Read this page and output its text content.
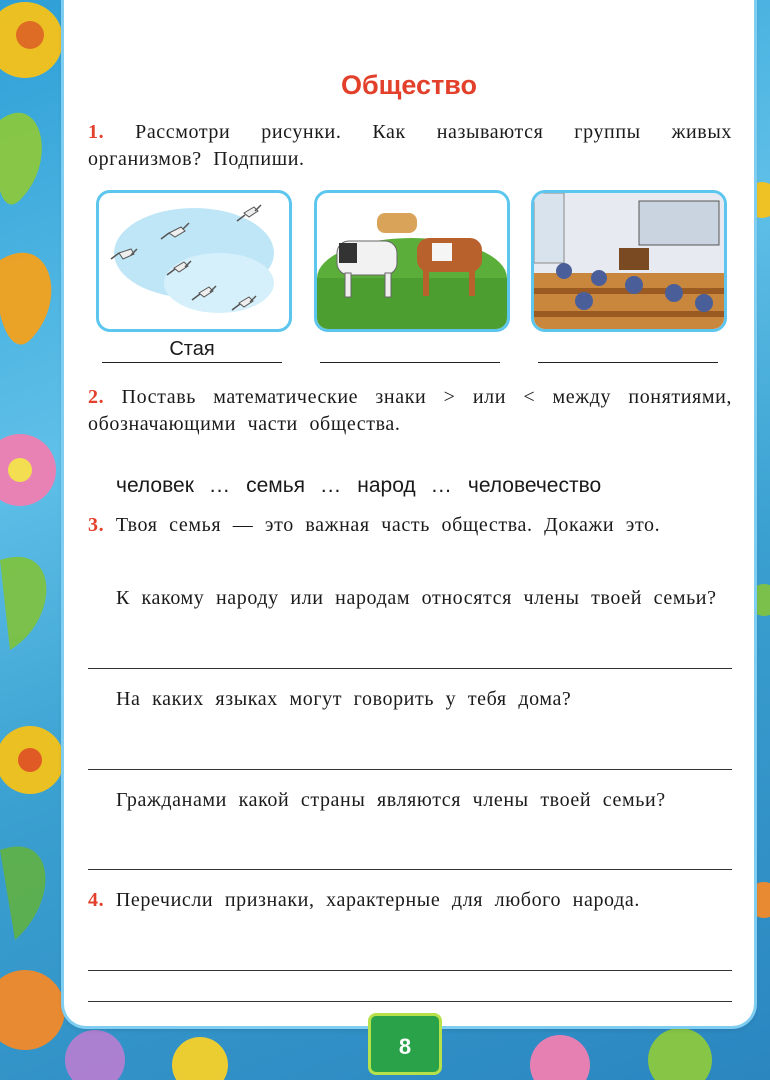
Общество
1. Рассмотри рисунки. Как называются группы живых организмов? Подпиши.
Стая
2. Поставь математические знаки > или < между понятиями, обозначающими части общества.
человек ... семья ... народ ... человечество
3. Твоя семья — это важная часть общества. Докажи это.
К какому народу или народам относятся члены твоей семьи?
На каких языках могут говорить у тебя дома?
Гражданами какой страны являются члены твоей семьи?
4. Перечисли признаки, характерные для любого народа.
8
